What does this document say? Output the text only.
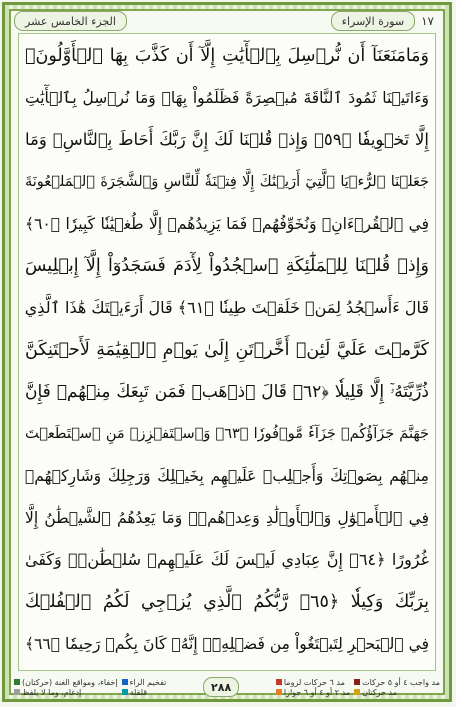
الجزء الخامس عشر	سورة الإسراء	١٧
وَمَامَنَعَنَآ أَن نُّرۡسِلَ بِٱلۡأٓيَٰتِ إِلَّآ أَن كَذَّبَ بِهَا ٱلۡأَوَّلُونَۚ
وَءَاتَيۡنَا ثَمُودَ ٱلنَّاقَةَ مُبۡصِرَةً فَظَلَمُواْ بِهَاۚ وَمَا نُرۡسِلُ بِٱلۡأٓيَٰتِ
إِلَّا تَخۡوِيفٗا ﴿٥٩﴾ وَإِذۡ قُلۡنَا لَكَ إِنَّ رَبَّكَ أَحَاطَ بِٱلنَّاسِۚ وَمَا
جَعَلۡنَا ٱلرُّءۡيَا ٱلَّتِيٓ أَرَيۡنَٰكَ إِلَّا فِتۡنَةٗ لِّلنَّاسِ وَٱلشَّجَرَةَ ٱلۡمَلۡعُونَةَ
فِي ٱلۡقُرۡءَانِۚ وَنُخَوِّفُهُمۡ فَمَا يَزِيدُهُمۡ إِلَّا طُغۡيَٰنٗا كَبِيرٗا ﴿٦٠﴾
وَإِذۡ قُلۡنَا لِلۡمَلَٰٓئِكَةِ ٱسۡجُدُواْ لِأٓدَمَ فَسَجَدُوٓاْ إِلَّآ إِبۡلِيسَ
قَالَ ءَأَسۡجُدُ لِمَنۡ خَلَقۡتَ طِينٗا ﴿٦١﴾ قَالَ أَرَءَيۡتَكَ هَٰذَا ٱلَّذِي
كَرَّمۡتَ عَلَيَّ لَئِنۡ أَخَّرۡتَنِ إِلَىٰ يَوۡمِ ٱلۡقِيَٰمَةِ لَأَحۡتَنِكَنَّ
ذُرِّيَّتَهُۥٓ إِلَّا قَلِيلٗا ﴿٦٢﴾ قَالَ ٱذۡهَبۡ فَمَن تَبِعَكَ مِنۡهُمۡ فَإِنَّ
جَهَنَّمَ جَزَآؤُكُمۡ جَزَآءٗ مَّوۡفُورٗا ﴿٦٣﴾ وَٱسۡتَفۡزِزۡ مَنِ ٱسۡتَطَعۡتَ
مِنۡهُم بِصَوۡتِكَ وَأَجۡلِبۡ عَلَيۡهِم بِخَيۡلِكَ وَرَجِلِكَ وَشَارِكۡهُمۡ
فِي ٱلۡأَمۡوَٰلِ وَٱلۡأَوۡلَٰدِ وَعِدۡهُمۡۚ وَمَا يَعِدُهُمُ ٱلشَّيۡطَٰنُ إِلَّا
غُرُورًا ﴿٦٤﴾ إِنَّ عِبَادِي لَيۡسَ لَكَ عَلَيۡهِمۡ سُلۡطَٰنٞۚ وَكَفَىٰ
بِرَبِّكَ وَكِيلٗا ﴿٦٥﴾ رَّبُّكُمُ ٱلَّذِي يُزۡجِي لَكُمُ ٱلۡفُلۡكَ
فِي ٱلۡبَحۡرِ لِتَبۡتَغُواْ مِن فَضۡلِهِۦٓۚ إِنَّهُۥ كَانَ بِكُمۡ رَحِيمٗا ﴿٦٦﴾
إخفاء، ومواقع الغنة (حركتان)
إدغام، وما لا يلفظ
تفخيم الراء
قلقلة	٢٨٨	مد ٦ حركات لزوما
مد ٢ أو ٤ أو ٦ جوازا
مد واجب ٤ أو ٥ حركات
مد حركتان
